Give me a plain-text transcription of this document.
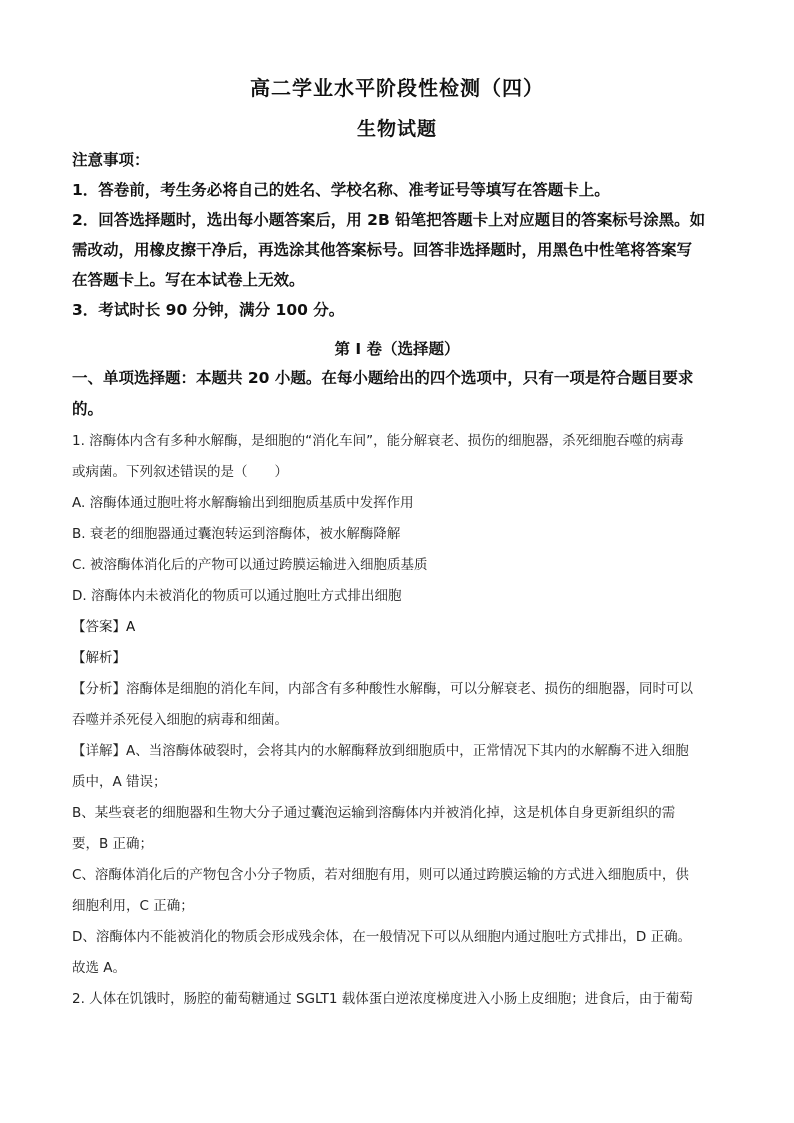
高二学业水平阶段性检测（四）
生物试题

注意事项：

1．答卷前，考生务必将自己的姓名、学校名称、准考证号等填写在答题卡上。

2．回答选择题时，选出每小题答案后，用 2B 铅笔把答题卡上对应题目的答案标号涂黑。如

需改动，用橡皮擦干净后，再选涂其他答案标号。回答非选择题时，用黑色中性笔将答案写

在答题卡上。写在本试卷上无效。

3．考试时长 90 分钟，满分 100 分。

第 I 卷（选择题）

一、单项选择题：本题共 20 小题。在每小题给出的四个选项中，只有一项是符合题目要求

的。

1. 溶酶体内含有多种水解酶，是细胞的“消化车间”，能分解衰老、损伤的细胞器，杀死细胞吞噬的病毒

或病菌。下列叙述错误的是（　　）

A. 溶酶体通过胞吐将水解酶输出到细胞质基质中发挥作用

B. 衰老的细胞器通过囊泡转运到溶酶体，被水解酶降解

C. 被溶酶体消化后的产物可以通过跨膜运输进入细胞质基质

D. 溶酶体内未被消化的物质可以通过胞吐方式排出细胞

【答案】A

【解析】

【分析】溶酶体是细胞的消化车间，内部含有多种酸性水解酶，可以分解衰老、损伤的细胞器，同时可以

吞噬并杀死侵入细胞的病毒和细菌。

【详解】A、当溶酶体破裂时，会将其内的水解酶释放到细胞质中，正常情况下其内的水解酶不进入细胞

质中，A 错误；

B、某些衰老的细胞器和生物大分子通过囊泡运输到溶酶体内并被消化掉，这是机体自身更新组织的需

要，B 正确；

C、溶酶体消化后的产物包含小分子物质，若对细胞有用，则可以通过跨膜运输的方式进入细胞质中，供

细胞利用，C 正确；

D、溶酶体内不能被消化的物质会形成残余体，在一般情况下可以从细胞内通过胞吐方式排出，D 正确。

故选 A。

2. 人体在饥饿时，肠腔的葡萄糖通过 SGLT1 载体蛋白逆浓度梯度进入小肠上皮细胞；进食后，由于葡萄
